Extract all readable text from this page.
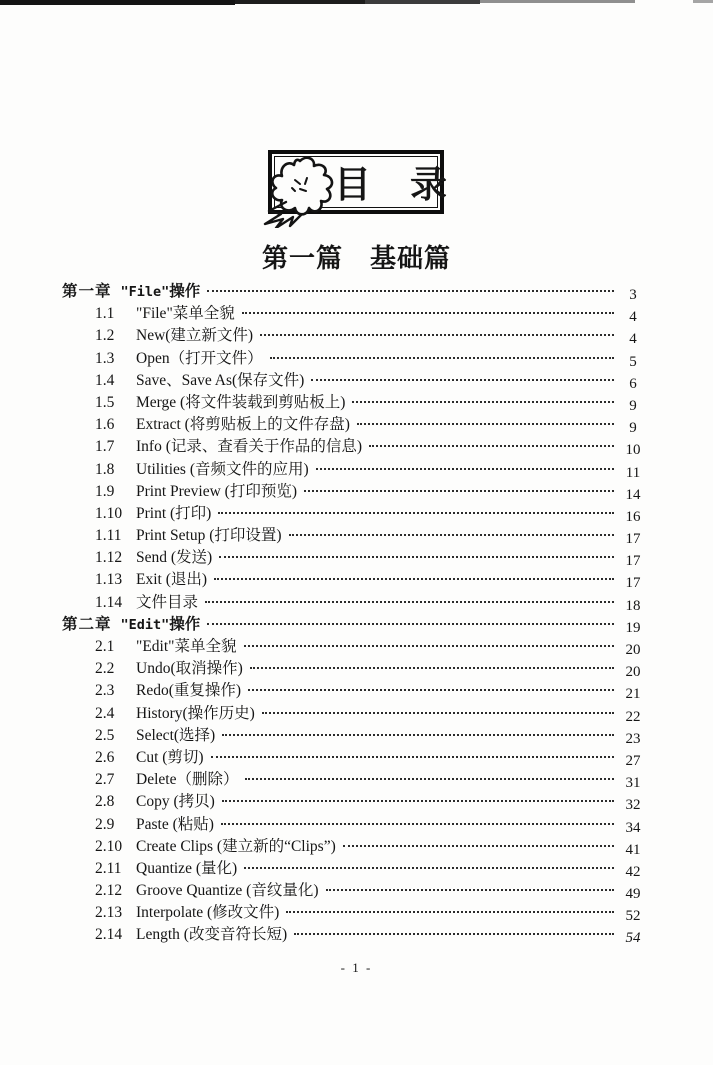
目　录
第一篇　基础篇
第一章 "File"操作	3
1.1	"File"菜单全貌	4
1.2	New(建立新文件)	4
1.3	Open（打开文件）	5
1.4	Save、Save As(保存文件)	6
1.5	Merge (将文件装载到剪贴板上)	9
1.6	Extract (将剪贴板上的文件存盘)	9
1.7	Info (记录、查看关于作品的信息)	10
1.8	Utilities (音频文件的应用)	11
1.9	Print Preview (打印预览)	14
1.10 Print (打印)	16
1.11 Print Setup (打印设置)	17
1.12 Send (发送)	17
1.13 Exit (退出)	17
1.14 文件目录	18
第二章 "Edit"操作	19
2.1	"Edit"菜单全貌	20
2.2	Undo(取消操作)	20
2.3	Redo(重复操作)	21
2.4	History(操作历史)	22
2.5	Select(选择)	23
2.6	Cut (剪切)	27
2.7	Delete（删除）	31
2.8	Copy (拷贝)	32
2.9	Paste (粘贴)	34
2.10 Create Clips (建立新的“Clips”)	41
2.11 Quantize (量化)	42
2.12 Groove Quantize (音纹量化)	49
2.13 Interpolate (修改文件)	52
2.14 Length (改变音符长短)	54
- 1 -
